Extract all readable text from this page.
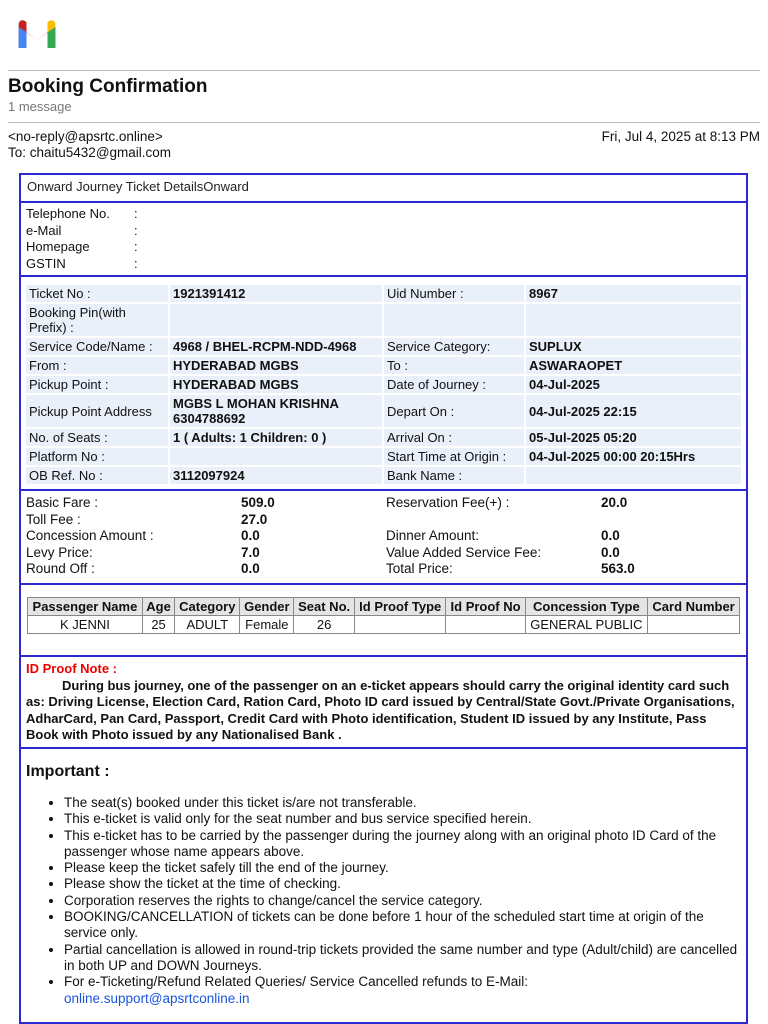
Booking Confirmation
1 message
<no-reply@apsrtc.online>
To: chaitu5432@gmail.com
Fri, Jul 4, 2025 at 8:13 PM
Onward Journey Ticket DetailsOnward
Telephone No.	:
e-Mail	:
Homepage	:
GSTIN	:
Ticket No :	1921391412	Uid Number :	8967
Booking Pin(with Prefix) :			
Service Code/Name :	4968 / BHEL-RCPM-NDD-4968	Service Category:	SUPLUX
From :	HYDERABAD MGBS	To :	ASWARAOPET
Pickup Point :	HYDERABAD MGBS	Date of Journey :	04-Jul-2025
Pickup Point Address	MGBS L MOHAN KRISHNA 6304788692	Depart On :	04-Jul-2025 22:15
No. of Seats :	1 ( Adults: 1 Children: 0 )	Arrival On :	05-Jul-2025 05:20
Platform No :		Start Time at Origin :	04-Jul-2025 00:00 20:15Hrs
OB Ref. No :	3112097924	Bank Name :	
Basic Fare :	509.0	Reservation Fee(+) :	20.0
Toll Fee :	27.0
Concession Amount :	0.0	Dinner Amount:	0.0
Levy Price:	7.0	Value Added Service Fee:	0.0
Round Off :	0.0	Total Price:	563.0
Passenger Name	Age	Category	Gender	Seat No.	Id Proof Type	Id Proof No	Concession Type	Card Number
K JENNI	25	ADULT	Female	26			GENERAL PUBLIC	
ID Proof Note :
During bus journey, one of the passenger on an e-ticket appears should carry the original identity card such as: Driving License, Election Card, Ration Card, Photo ID card issued by Central/State Govt./Private Organisations, AdharCard, Pan Card, Passport, Credit Card with Photo identification, Student ID issued by any Institute, Pass Book with Photo issued by any Nationalised Bank .
Important :
• The seat(s) booked under this ticket is/are not transferable.
• This e-ticket is valid only for the seat number and bus service specified herein.
• This e-ticket has to be carried by the passenger during the journey along with an original photo ID Card of the passenger whose name appears above.
• Please keep the ticket safely till the end of the journey.
• Please show the ticket at the time of checking.
• Corporation reserves the rights to change/cancel the service category.
• BOOKING/CANCELLATION of tickets can be done before 1 hour of the scheduled start time at origin of the service only.
• Partial cancellation is allowed in round-trip tickets provided the same number and type (Adult/child) are cancelled in both UP and DOWN Journeys.
• For e-Ticketing/Refund Related Queries/ Service Cancelled refunds to E-Mail:
online.support@apsrtconline.in
